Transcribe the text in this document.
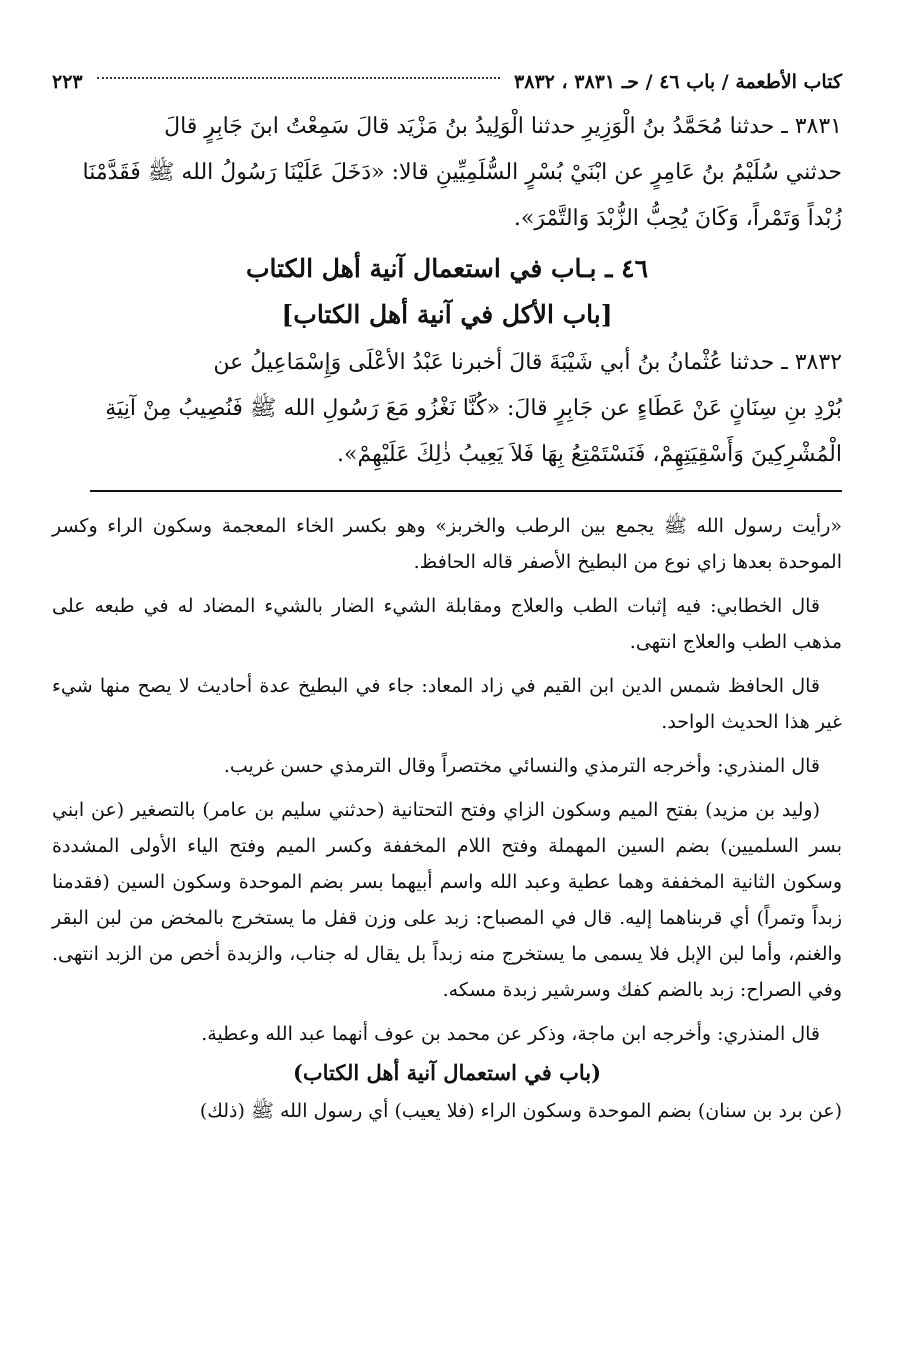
كتاب الأطعمة / باب ٤٦ / حـ ٣٨٣١ ، ٣٨٣٢
٢٢٣
٣٨٣١ ـ حدثنا مُحَمَّدُ بنُ الْوَزِيرِ حدثنا الْوَلِيدُ بنُ مَزْيَد قالَ سَمِعْتُ ابنَ جَابِرٍ قالَ
حدثني سُلَيْمُ بنُ عَامِرٍ عن ابْنَيْ بُسْرٍ السُّلَمِيِّينِ قالا: «دَخَلَ عَلَيْنَا رَسُولُ الله ﷺ فَقَدَّمْنَا
زُبْداً وَتَمْراً، وَكَانَ يُحِبُّ الزُّبْدَ وَالتَّمْرَ».
٤٦ ـ بـاب في استعمال آنية أهل الكتاب
[باب الأكل في آنية أهل الكتاب]
٣٨٣٢ ـ حدثنا عُثْمانُ بنُ أبي شَيْبَةَ قالَ أخبرنا عَبْدُ الأعْلَى وَإِسْمَاعِيلُ عن
بُرْدِ بنِ سِنَانٍ عَنْ عَطَاءٍ عن جَابِرٍ قالَ: «كُنَّا نَغْزُو مَعَ رَسُولِ الله ﷺ فَنُصِيبُ مِنْ آنِيَةِ
الْمُشْرِكِينَ وَأَسْقِيَتِهِمْ، فَنَسْتَمْتِعُ بِهَا فَلاَ يَعِيبُ ذٰلِكَ عَلَيْهِمْ».

«رأيت رسول الله ﷺ يجمع بين الرطب والخربز» وهو بكسر الخاء المعجمة وسكون الراء وكسر الموحدة بعدها زاي نوع من البطيخ الأصفر قاله الحافظ.

قال الخطابي: فيه إثبات الطب والعلاج ومقابلة الشيء الضار بالشيء المضاد له في طبعه على مذهب الطب والعلاج انتهى.

قال الحافظ شمس الدين ابن القيم في زاد المعاد: جاء في البطيخ عدة أحاديث لا يصح منها شيء غير هذا الحديث الواحد.

قال المنذري: وأخرجه الترمذي والنسائي مختصراً وقال الترمذي حسن غريب.

(وليد بن مزيد) بفتح الميم وسكون الزاي وفتح التحتانية (حدثني سليم بن عامر) بالتصغير (عن ابني بسر السلميين) بضم السين المهملة وفتح اللام المخففة وكسر الميم وفتح الياء الأولى المشددة وسكون الثانية المخففة وهما عطية وعبد الله واسم أبيهما بسر بضم الموحدة وسكون السين (فقدمنا زبداً وتمراً) أي قربناهما إليه. قال في المصباح: زبد على وزن قفل ما يستخرج بالمخض من لبن البقر والغنم، وأما لبن الإبل فلا يسمى ما يستخرج منه زبداً بل يقال له جناب، والزبدة أخص من الزبد انتهى. وفي الصراح: زبد بالضم كفك وسرشير زبدة مسكه.

قال المنذري: وأخرجه ابن ماجة، وذكر عن محمد بن عوف أنهما عبد الله وعطية.

(باب في استعمال آنية أهل الكتاب)

(عن برد بن سنان) بضم الموحدة وسكون الراء (فلا يعيب) أي رسول الله ﷺ (ذلك)
